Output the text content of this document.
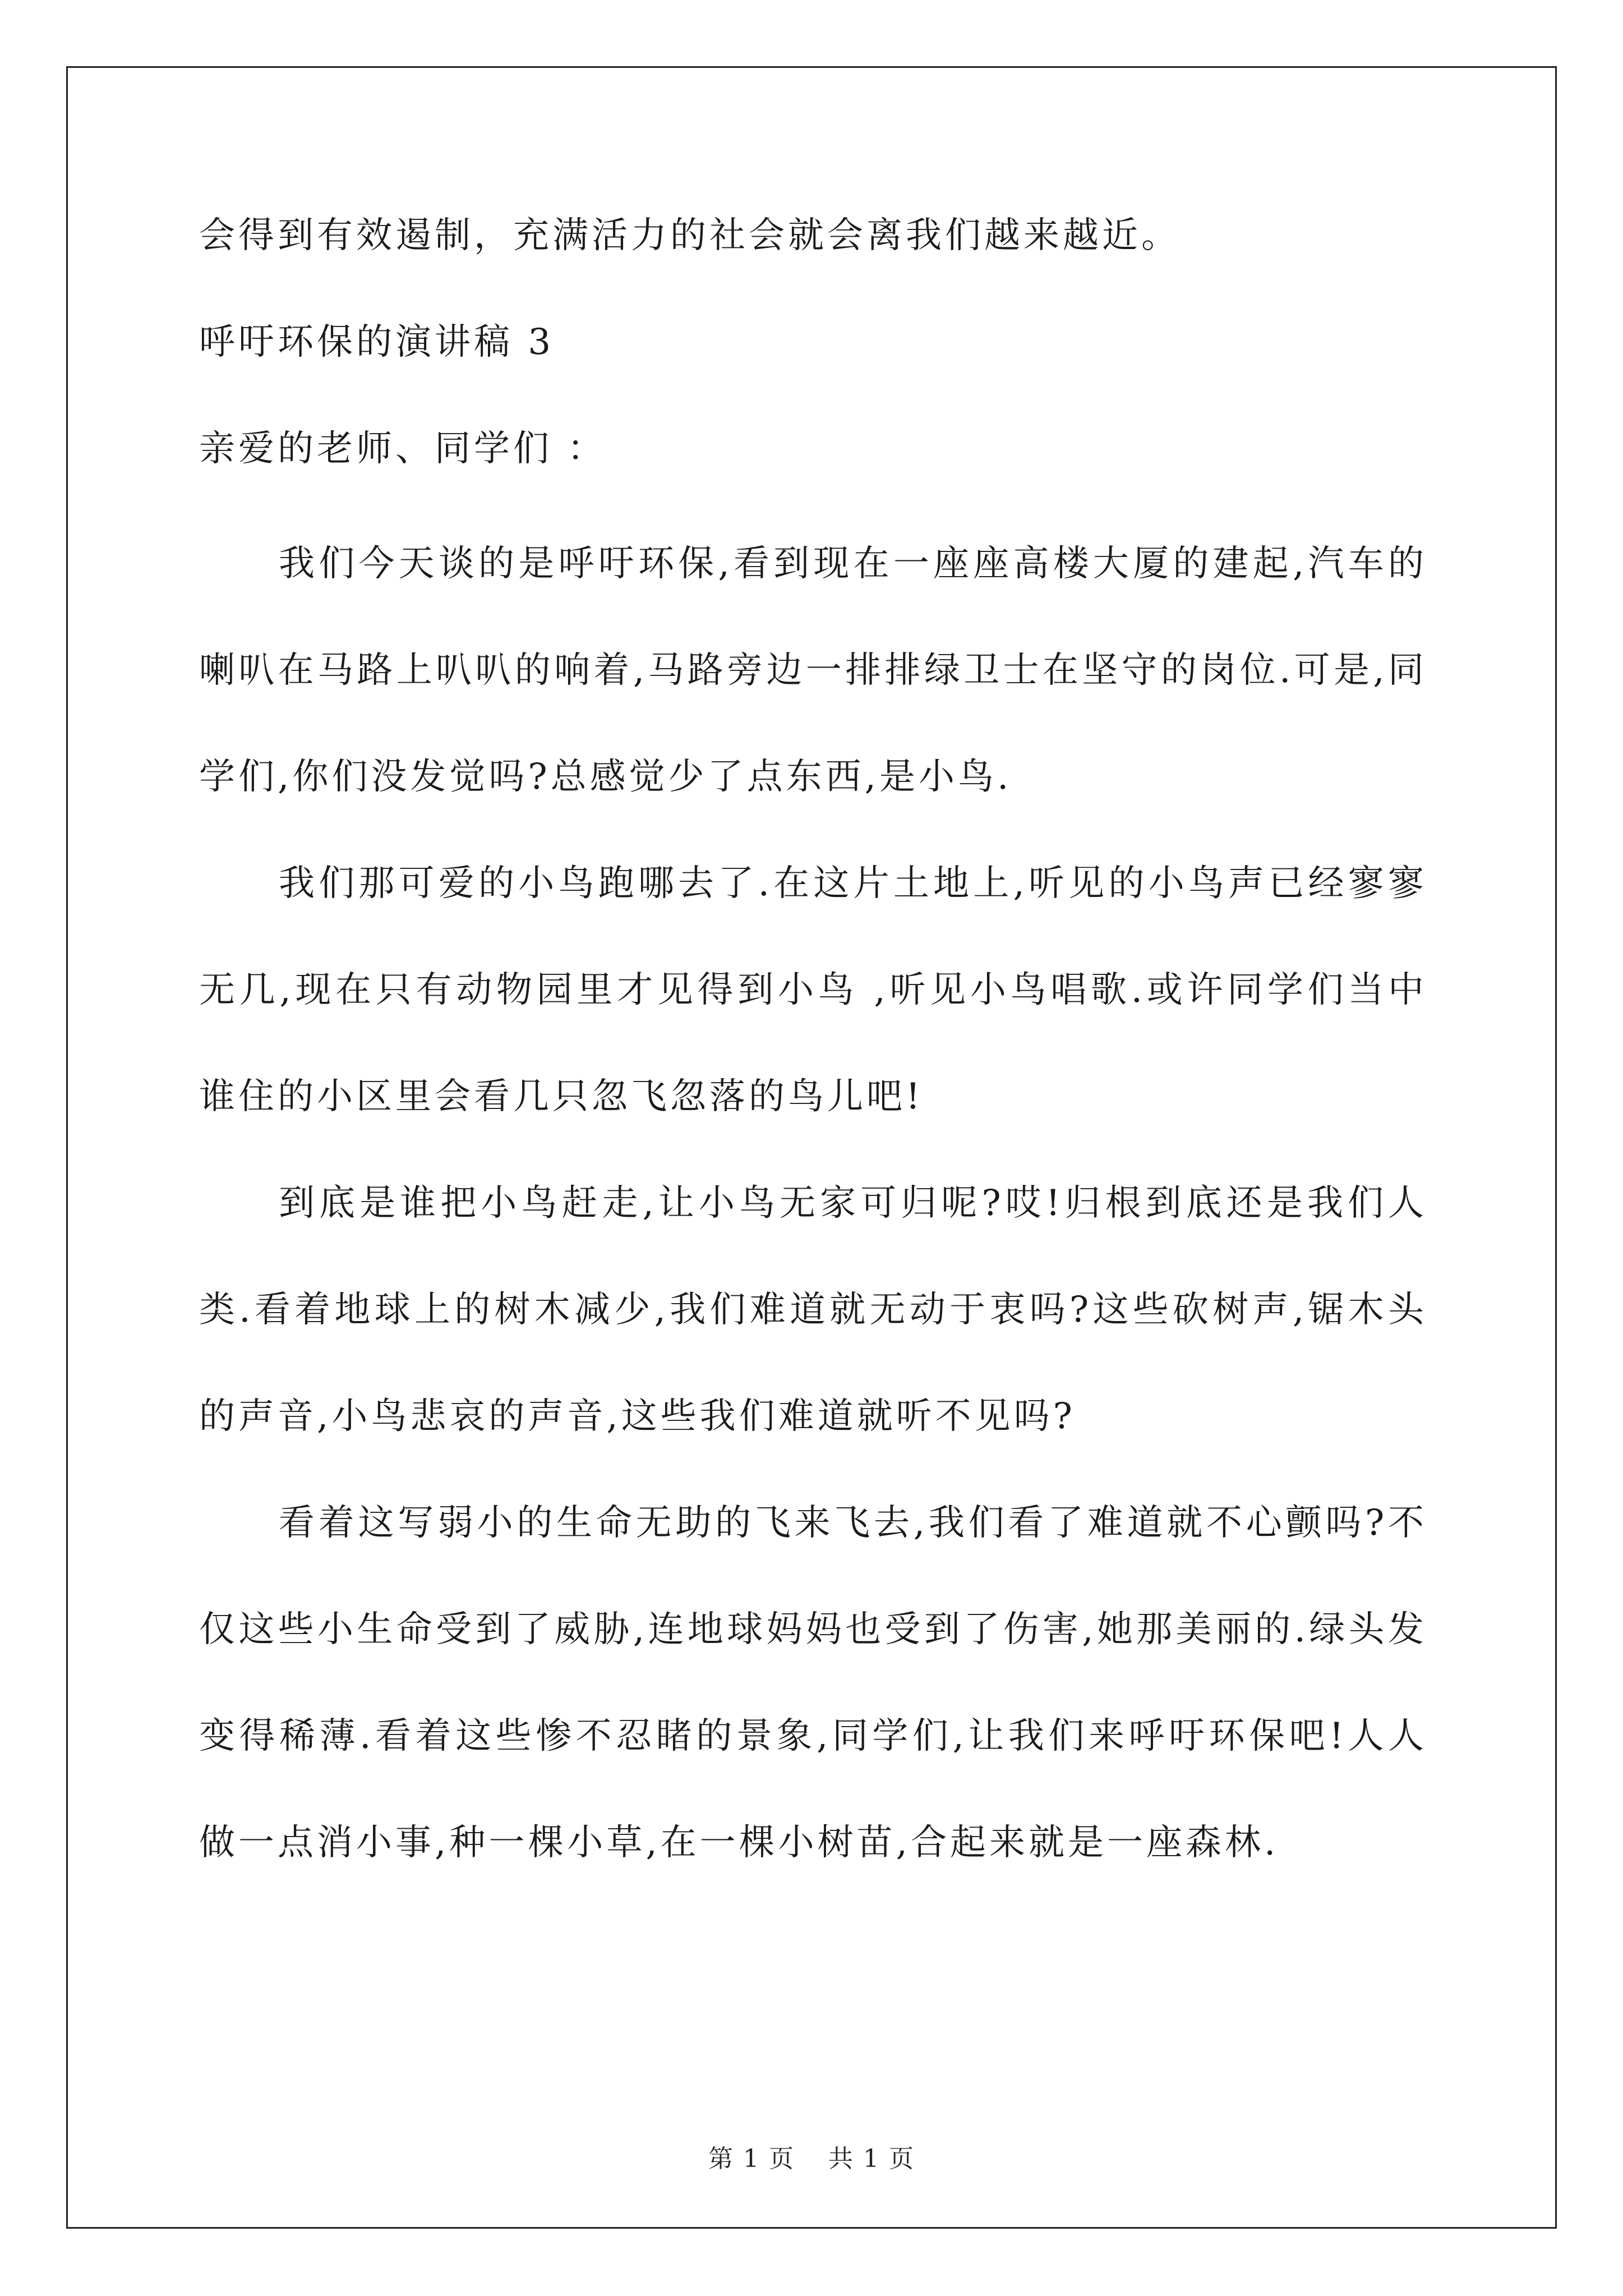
会得到有效遏制，充满活力的社会就会离我们越来越近。

呼吁环保的演讲稿 3

亲爱的老师、同学们 ：

我们今天谈的是呼吁环保,看到现在一座座高楼大厦的建起,汽车的喇叭在马路上叭叭的响着,马路旁边一排排绿卫士在坚守的岗位.可是,同学们,你们没发觉吗?总感觉少了点东西,是小鸟.

我们那可爱的小鸟跑哪去了.在这片土地上,听见的小鸟声已经寥寥无几,现在只有动物园里才见得到小鸟 ,听见小鸟唱歌.或许同学们当中谁住的小区里会看几只忽飞忽落的鸟儿吧!

到底是谁把小鸟赶走,让小鸟无家可归呢?哎!归根到底还是我们人类.看着地球上的树木减少,我们难道就无动于衷吗?这些砍树声,锯木头的声音,小鸟悲哀的声音,这些我们难道就听不见吗?

看着这写弱小的生命无助的飞来飞去,我们看了难道就不心颤吗?不仅这些小生命受到了威胁,连地球妈妈也受到了伤害,她那美丽的.绿头发变得稀薄.看着这些惨不忍睹的景象,同学们,让我们来呼吁环保吧!人人做一点消小事,种一棵小草,在一棵小树苗,合起来就是一座森林.

第 1 页 共 1 页
